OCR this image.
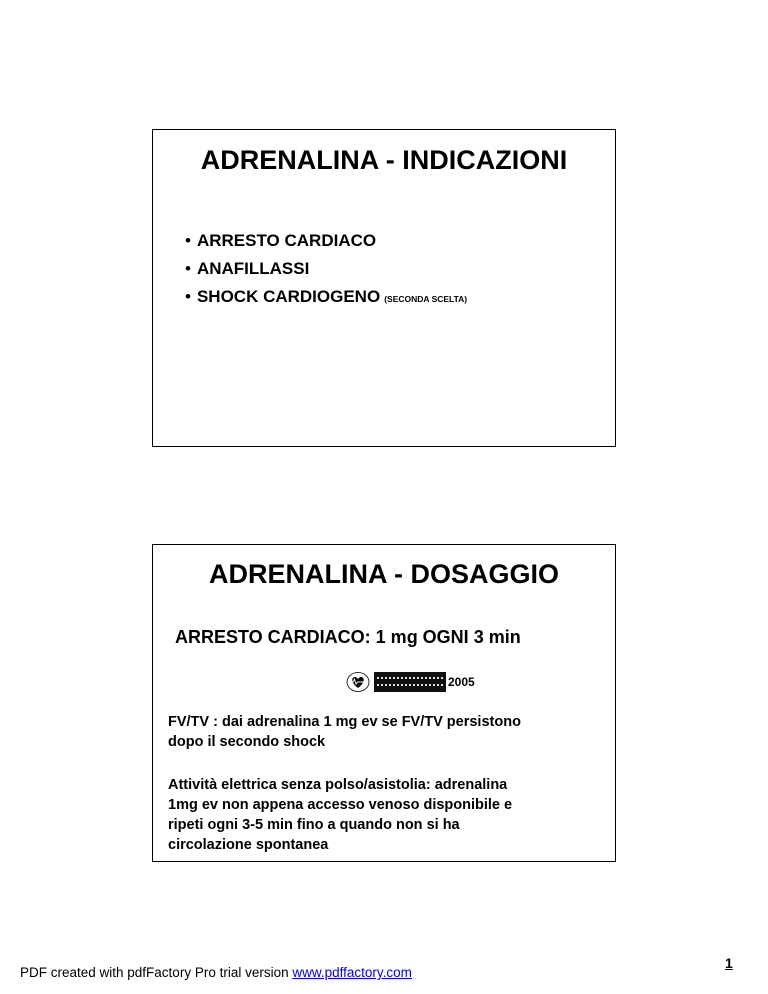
ADRENALINA - INDICAZIONI
• ARRESTO CARDIACO
• ANAFILLASSI
• SHOCK CARDIOGENO (SECONDA SCELTA)
ADRENALINA - DOSAGGIO
ARRESTO CARDIACO: 1 mg OGNI 3 min
2005
FV/TV : dai adrenalina 1 mg ev se FV/TV persistono
dopo il secondo shock
Attività elettrica senza polso/asistolia: adrenalina
1mg ev non appena accesso venoso disponibile e
ripeti ogni 3-5 min fino a quando non si ha
circolazione spontanea
PDF created with pdfFactory Pro trial version www.pdffactory.com
1
